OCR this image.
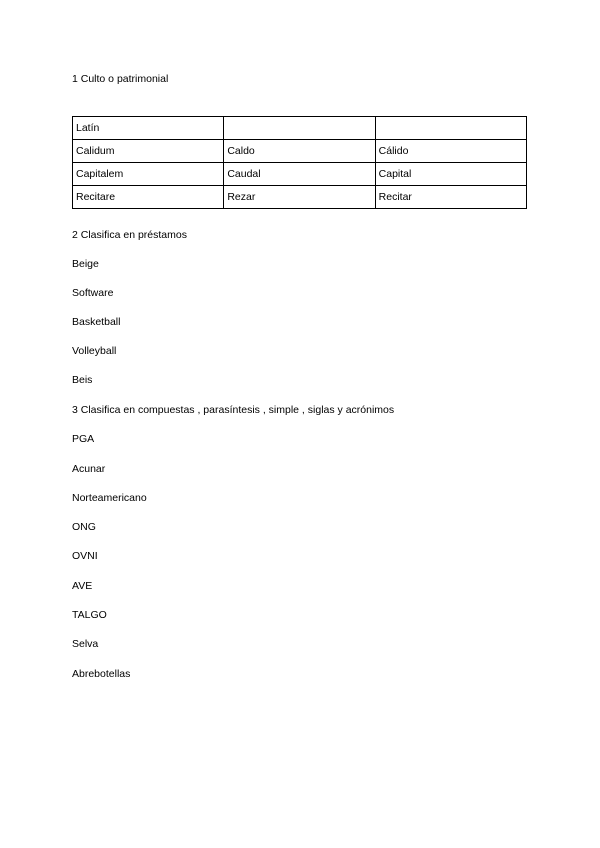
1 Culto o patrimonial
Latín		
Calidum	Caldo	Cálido
Capitalem	Caudal	Capital
Recitare	Rezar	Recitar
2 Clasifica en préstamos
Beige
Software
Basketball
Volleyball
Beis
3 Clasifica en compuestas , parasíntesis , simple , siglas y acrónimos
PGA
Acunar
Norteamericano
ONG
OVNI
AVE
TALGO
Selva
Abrebotellas
